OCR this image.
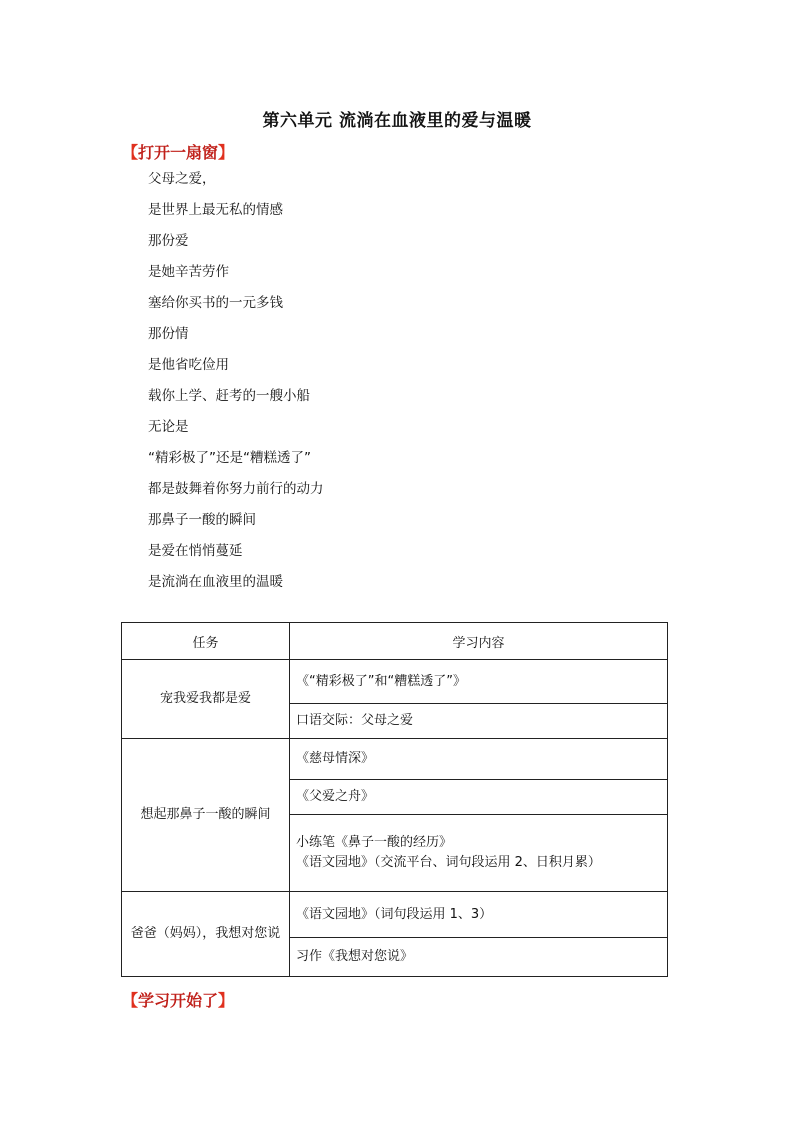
第六单元 流淌在血液里的爱与温暖
【打开一扇窗】
父母之爱，
是世界上最无私的情感
那份爱
是她辛苦劳作
塞给你买书的一元多钱
那份情
是他省吃俭用
载你上学、赶考的一艘小船
无论是
“精彩极了”还是“糟糕透了”
都是鼓舞着你努力前行的动力
那鼻子一酸的瞬间
是爱在悄悄蔓延
是流淌在血液里的温暖
任务	学习内容
宠我爱我都是爱	《“精彩极了”和“糟糕透了”》
	口语交际：父母之爱
想起那鼻子一酸的瞬间	《慈母情深》
	《父爱之舟》

	小练笔《鼻子一酸的经历》
《语文园地》（交流平台、词句段运用 2、日积月累）

爸爸（妈妈），我想对您说	《语文园地》（词句段运用 1、3）
	习作《我想对您说》
【学习开始了】
